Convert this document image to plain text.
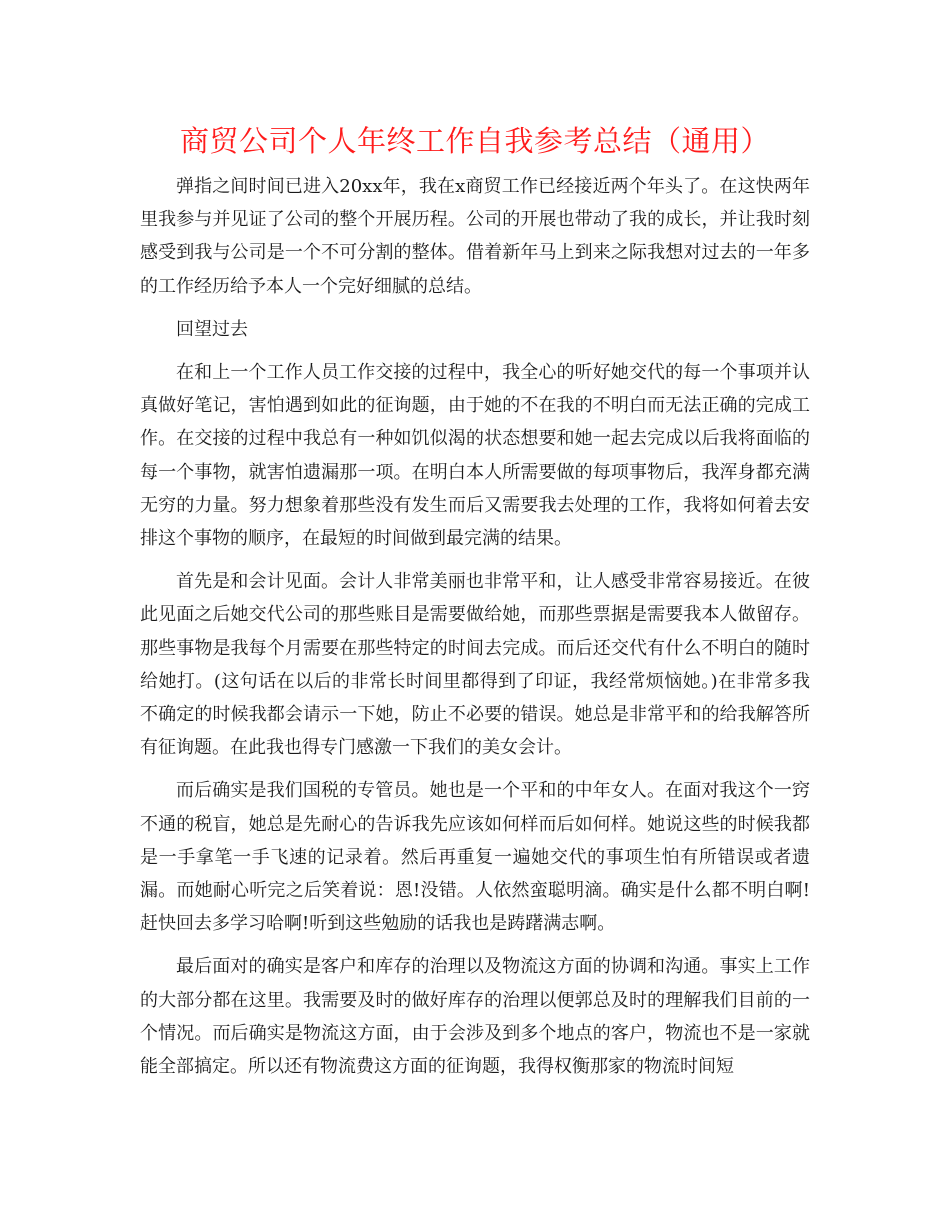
商贸公司个人年终工作自我参考总结（通用）

弹指之间时间已进入20xx年，我在x商贸工作已经接近两个年头了。在这快两年里我参与并见证了公司的整个开展历程。公司的开展也带动了我的成长，并让我时刻感受到我与公司是一个不可分割的整体。借着新年马上到来之际我想对过去的一年多的工作经历给予本人一个完好细腻的总结。

回望过去

在和上一个工作人员工作交接的过程中，我全心的听好她交代的每一个事项并认真做好笔记，害怕遇到如此的征询题，由于她的不在我的不明白而无法正确的完成工作。在交接的过程中我总有一种如饥似渴的状态想要和她一起去完成以后我将面临的每一个事物，就害怕遗漏那一项。在明白本人所需要做的每项事物后，我浑身都充满无穷的力量。努力想象着那些没有发生而后又需要我去处理的工作，我将如何着去安排这个事物的顺序，在最短的时间做到最完满的结果。

首先是和会计见面。会计人非常美丽也非常平和，让人感受非常容易接近。在彼此见面之后她交代公司的那些账目是需要做给她，而那些票据是需要我本人做留存。那些事物是我每个月需要在那些特定的时间去完成。而后还交代有什么不明白的随时给她打。(这句话在以后的非常长时间里都得到了印证，我经常烦恼她。)在非常多我不确定的时候我都会请示一下她，防止不必要的错误。她总是非常平和的给我解答所有征询题。在此我也得专门感激一下我们的美女会计。

而后确实是我们国税的专管员。她也是一个平和的中年女人。在面对我这个一窍不通的税盲，她总是先耐心的告诉我先应该如何样而后如何样。她说这些的时候我都是一手拿笔一手飞速的记录着。然后再重复一遍她交代的事项生怕有所错误或者遗漏。而她耐心听完之后笑着说：恩!没错。人依然蛮聪明滴。确实是什么都不明白啊!赶快回去多学习哈啊!听到这些勉励的话我也是踌躇满志啊。

最后面对的确实是客户和库存的治理以及物流这方面的协调和沟通。事实上工作的大部分都在这里。我需要及时的做好库存的治理以便郭总及时的理解我们目前的一个情况。而后确实是物流这方面，由于会涉及到多个地点的客户，物流也不是一家就能全部搞定。所以还有物流费这方面的征询题，我得权衡那家的物流时间短
